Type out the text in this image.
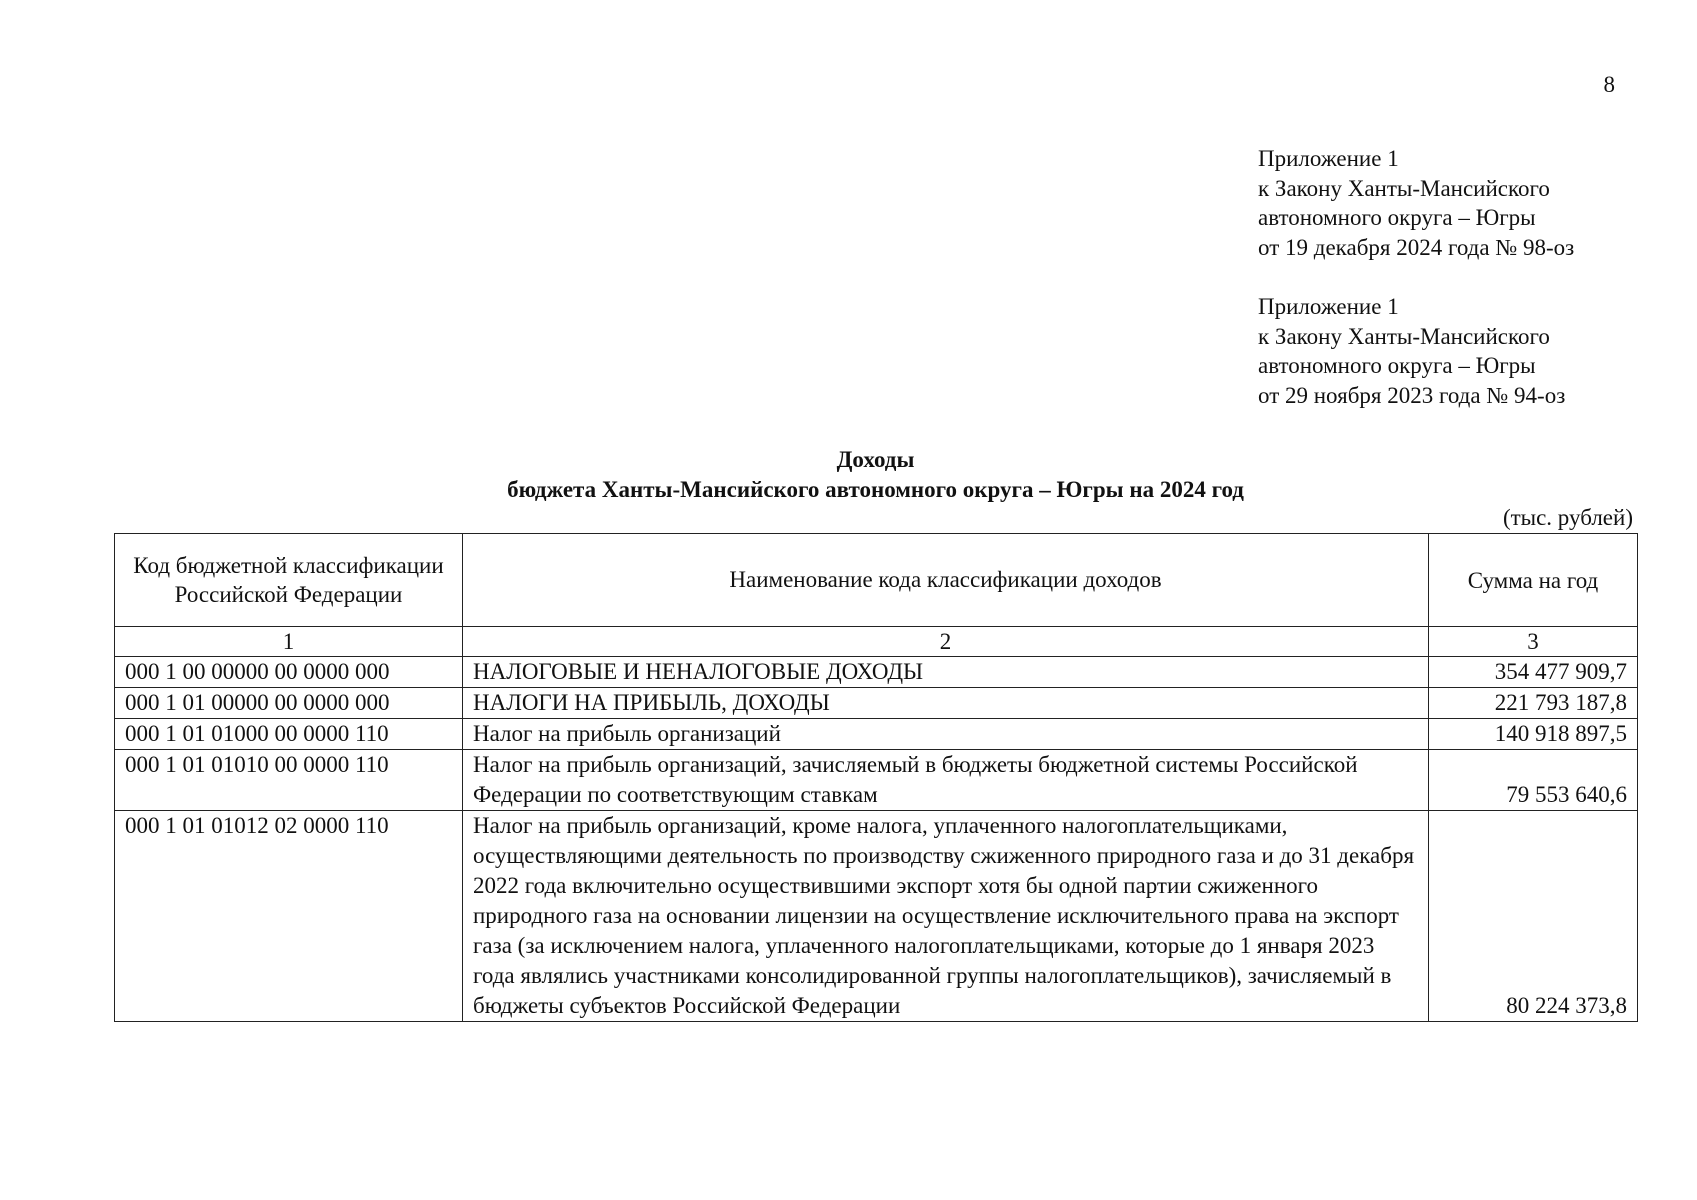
8
Приложение 1
к Закону Ханты-Мансийского
автономного округа – Югры
от 19 декабря 2024 года № 98-оз
Приложение 1
к Закону Ханты-Мансийского
автономного округа – Югры
от 29 ноября 2023 года № 94-оз
Доходы
бюджета Ханты-Мансийского автономного округа – Югры на 2024 год
(тыс. рублей)
Код бюджетной классификации Российской Федерации	Наименование кода классификации доходов	Сумма на год
1	2	3
000 1 00 00000 00 0000 000	НАЛОГОВЫЕ И НЕНАЛОГОВЫЕ ДОХОДЫ	354 477 909,7
000 1 01 00000 00 0000 000	НАЛОГИ НА ПРИБЫЛЬ, ДОХОДЫ	221 793 187,8
000 1 01 01000 00 0000 110	Налог на прибыль организаций	140 918 897,5
000 1 01 01010 00 0000 110	Налог на прибыль организаций, зачисляемый в бюджеты бюджетной системы Российской Федерации по соответствующим ставкам	79 553 640,6
000 1 01 01012 02 0000 110	Налог на прибыль организаций, кроме налога, уплаченного налогоплательщиками, осуществляющими деятельность по производству сжиженного природного газа и до 31 декабря 2022 года включительно осуществившими экспорт хотя бы одной партии сжиженного природного газа на основании лицензии на осуществление исключительного права на экспорт газа (за исключением налога, уплаченного налогоплательщиками, которые до 1 января 2023 года являлись участниками консолидированной группы налогоплательщиков), зачисляемый в бюджеты субъектов Российской Федерации	80 224 373,8
